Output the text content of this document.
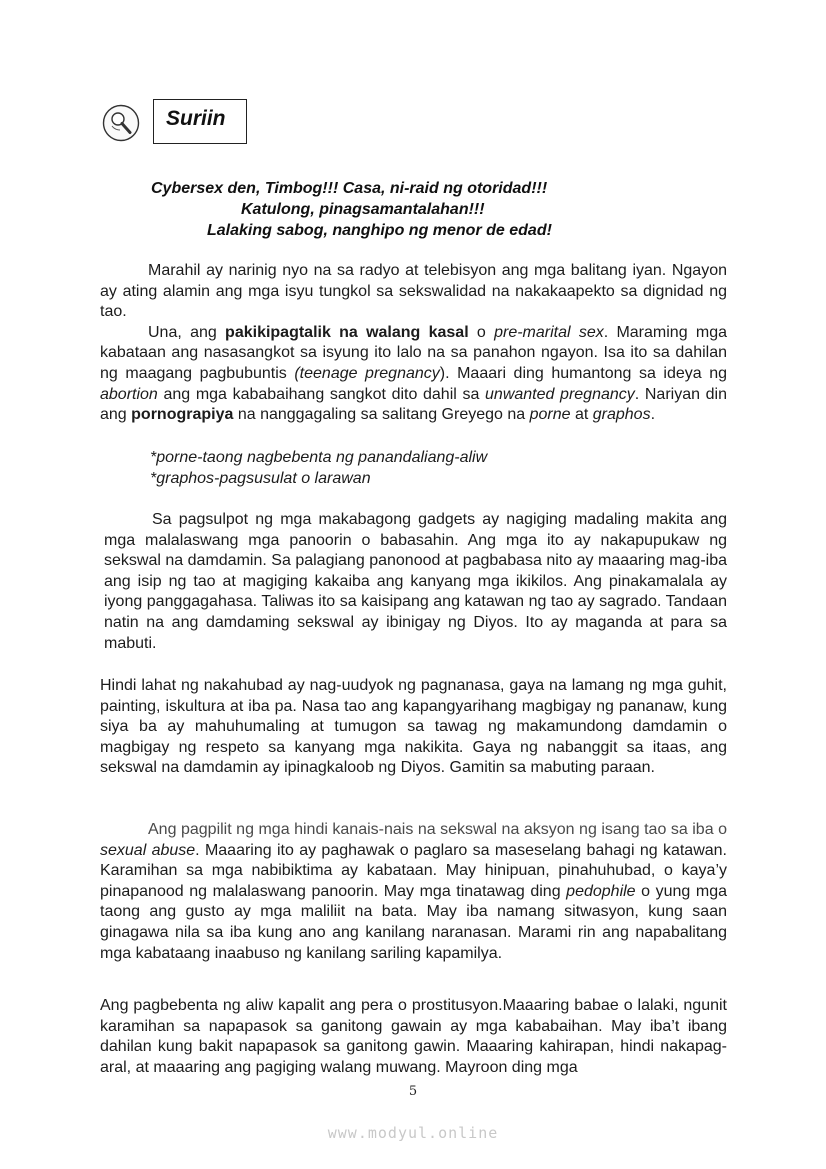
Suriin
Cybersex den, Timbog!!! Casa, ni-raid ng otoridad!!!
Katulong, pinagsamantalahan!!!
Lalaking sabog, nanghipo ng menor de edad!

Marahil ay narinig nyo na sa radyo at telebisyon ang mga balitang iyan. Ngayon ay ating alamin ang mga isyu tungkol sa sekswalidad na nakakaapekto sa dignidad ng tao.

Una, ang pakikipagtalik na walang kasal o pre-marital sex. Maraming mga kabataan ang nasasangkot sa isyung ito lalo na sa panahon ngayon. Isa ito sa dahilan ng maagang pagbubuntis (teenage pregnancy). Maaari ding humantong sa ideya ng abortion ang mga kababaihang sangkot dito dahil sa unwanted pregnancy. Nariyan din ang pornograpiya na nanggagaling sa salitang Greyego na porne at graphos.

*porne-taong nagbebenta ng panandaliang-aliw
*graphos-pagsusulat o larawan

Sa pagsulpot ng mga makabagong gadgets ay nagiging madaling makita ang mga malalaswang mga panoorin o babasahin. Ang mga ito ay nakapupukaw ng sekswal na damdamin. Sa palagiang panonood at pagbabasa nito ay maaaring mag-iba ang isip ng tao at magiging kakaiba ang kanyang mga ikikilos. Ang pinakamalala ay iyong panggagahasa. Taliwas ito sa kaisipang ang katawan ng tao ay sagrado. Tandaan natin na ang damdaming sekswal ay ibinigay ng Diyos. Ito ay maganda at para sa mabuti.

Hindi lahat ng nakahubad ay nag-uudyok ng pagnanasa, gaya na lamang ng mga guhit, painting, iskultura at iba pa. Nasa tao ang kapangyarihang magbigay ng pananaw, kung siya ba ay mahuhumaling at tumugon sa tawag ng makamundong damdamin o magbigay ng respeto sa kanyang mga nakikita. Gaya ng nabanggit sa itaas, ang sekswal na damdamin ay ipinagkaloob ng Diyos. Gamitin sa mabuting paraan.

Ang pagpilit ng mga hindi kanais-nais na sekswal na aksyon ng isang tao sa iba o sexual abuse. Maaaring ito ay paghawak o paglaro sa maseselang bahagi ng katawan. Karamihan sa mga nabibiktima ay kabataan. May hinipuan, pinahuhubad, o kaya’y pinapanood ng malalaswang panoorin. May mga tinatawag ding pedophile o yung mga taong ang gusto ay mga maliliit na bata. May iba namang sitwasyon, kung saan ginagawa nila sa iba kung ano ang kanilang naranasan. Marami rin ang napabalitang mga kabataang inaabuso ng kanilang sariling kapamilya.

Ang pagbebenta ng aliw kapalit ang pera o prostitusyon.Maaaring babae o lalaki, ngunit karamihan sa napapasok sa ganitong gawain ay mga kababaihan. May iba’t ibang dahilan kung bakit napapasok sa ganitong gawin. Maaaring kahirapan, hindi nakapag-aral, at maaaring ang pagiging walang muwang. Mayroon ding mga

5
www.modyul.online
